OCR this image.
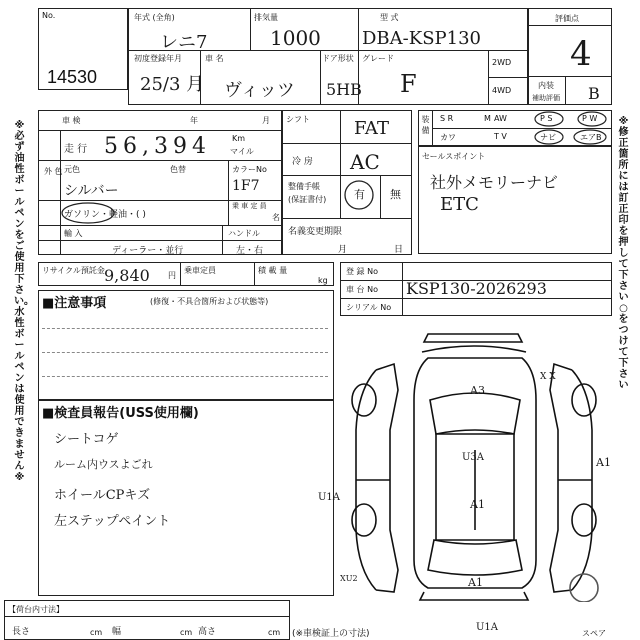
No.
14530
年式 (全角)
レニ7
排気量
1000
型 式
DBA-KSP130
初度登録年月
25/3 月
車 名
ヴィッツ
ドア形状
5HB
グレード
F
2WD
4WD
評価点
4
内装
補助評価 B
車 検	年	月
走 行 56,394	Km
マイル
外 色 元色	色替
シルバー
カラーNo
1F7
ガソリン・軽油・( )
乗 車 定 員
名
輸 入	ハンドル
ディーラー・並行	左・右
リサイクル預託金 9,840 円
乗車定員	積 載 量
kg
シフト FAT
冷 房 AC
整備手帳
(保証書付)	有 無
名義変更期限
月	日
装備
S R	M AW	P S	P W
カワ	T V	ナビ	エアB
セールスポイント
社外メモリーナビ
ETC
登 録 No
車 台 No KSP130-2026293
シリアル No
■注意事項	(修復・不具合箇所および状態等)
■検査員報告(USS使用欄)
シートコゲ
ルーム内ウスよごれ
ホイールCPキズ
左ステップペイント
A3
X X
U3A	A1
U1A
A1
XU2
A1
U1A
スペア
※必ず油性ボールペンをご使用下さい。水性ボールペンは使用できません※
※修正箇所には訂正印を押して下さい○をつけて下さい
【荷台内寸法】
長さ	cm 幅	cm 高さ	cm (※車検証上の寸法)
